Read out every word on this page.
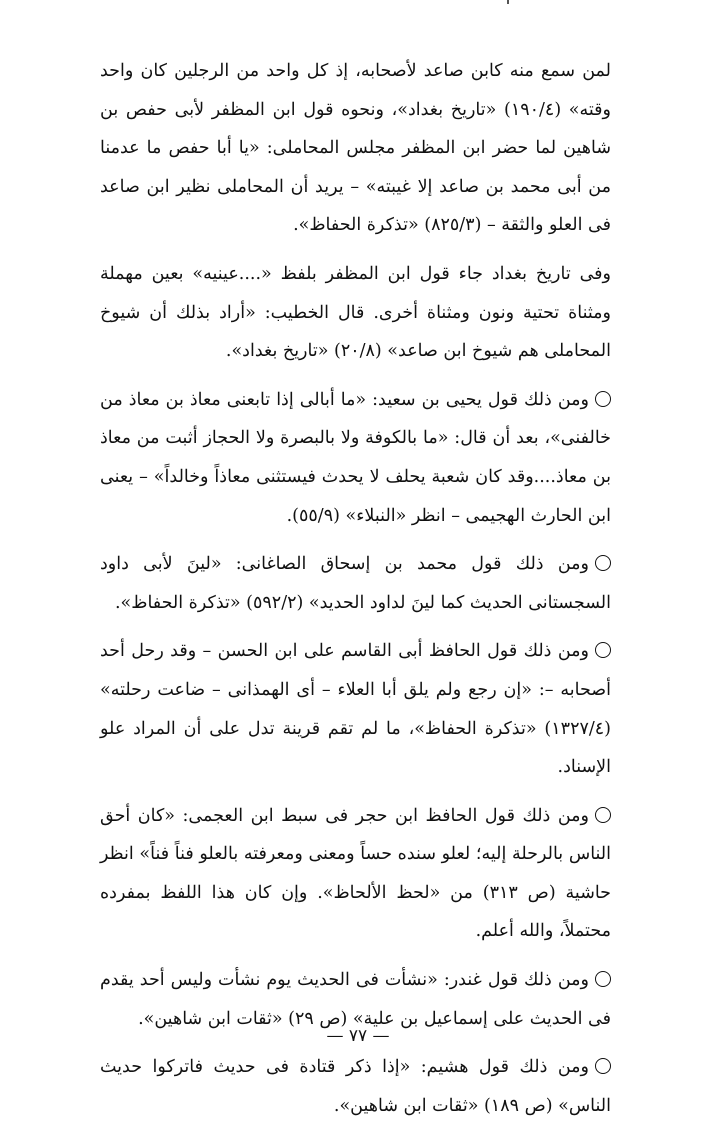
لمن سمع منه كابن صاعد لأصحابه، إذ كل واحد من الرجلين كان واحد وقته» (١٩٠/٤) «تاريخ بغداد»، ونحوه قول ابن المظفر لأبى حفص بن شاهين لما حضر ابن المظفر مجلس المحاملى: «يا أبا حفص ما عدمنا من أبى محمد بن صاعد إلا غيبته» – يريد أن المحاملى نظير ابن صاعد فى العلو والثقة – (٨٢٥/٣) «تذكرة الحفاظ».

وفى تاريخ بغداد جاء قول ابن المظفر بلفظ «....عينيه» بعين مهملة ومثناة تحتية ونون ومثناة أخرى. قال الخطيب: «أراد بذلك أن شيوخ المحاملى هم شيوخ ابن صاعد» (٢٠/٨) «تاريخ بغداد».

ومن ذلك قول يحيى بن سعيد: «ما أبالى إذا تابعنى معاذ بن معاذ من خالفنى»، بعد أن قال: «ما بالكوفة ولا بالبصرة ولا الحجاز أثبت من معاذ بن معاذ....وقد كان شعبة يحلف لا يحدث فيستثنى معاذاً وخالداً» – يعنى ابن الحارث الهجيمى – انظر «النبلاء» (٥٥/٩).

ومن ذلك قول محمد بن إسحاق الصاغانى: «لينَ لأبى داود السجستانى الحديث كما لينَ لداود الحديد» (٥٩٢/٢) «تذكرة الحفاظ».

ومن ذلك قول الحافظ أبى القاسم على ابن الحسن – وقد رحل أحد أصحابه –: «إن رجع ولم يلق أبا العلاء – أى الهمذانى – ضاعت رحلته» (١٣٢٧/٤) «تذكرة الحفاظ»، ما لم تقم قرينة تدل على أن المراد علو الإسناد.

ومن ذلك قول الحافظ ابن حجر فى سبط ابن العجمى: «كان أحق الناس بالرحلة إليه؛ لعلو سنده حساً ومعنى ومعرفته بالعلو فناً فناً» انظر حاشية (ص ٣١٣) من «لحظ الألحاظ». وإن كان هذا اللفظ بمفرده محتملاً، والله أعلم.

ومن ذلك قول غندر: «نشأت فى الحديث يوم نشأت وليس أحد يقدم فى الحديث على إسماعيل بن علية» (ص ٢٩) «ثقات ابن شاهين».

ومن ذلك قول هشيم: «إذا ذكر قتادة فى حديث فاتركوا حديث الناس» (ص ١٨٩) «ثقات ابن شاهين».

— ٧٧ —
